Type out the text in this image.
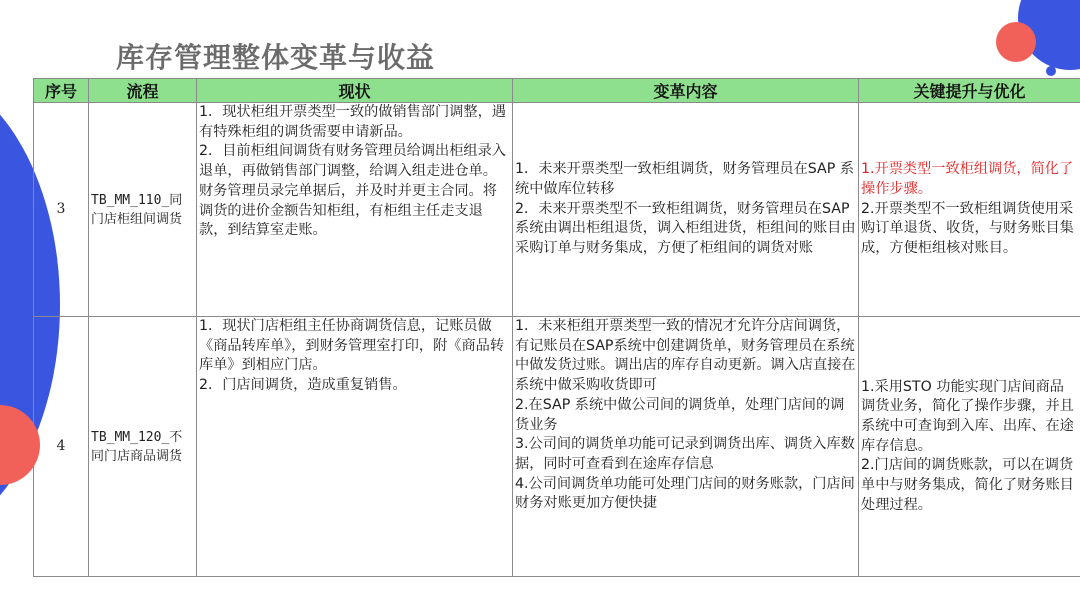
库存管理整体变革与收益
序号	流程	现状	变革内容	关键提升与优化
3	TB_MM_110_同门店柜组间调货	1．现状柜组开票类型一致的做销售部门调整，遇有特殊柜组的调货需要申请新品。
2．目前柜组间调货有财务管理员给调出柜组录入退单，再做销售部门调整，给调入组走进仓单。财务管理员录完单据后，并及时并更主合同。将调货的进价金额告知柜组，有柜组主任走支退款，到结算室走账。	1．未来开票类型一致柜组调货，财务管理员在SAP 系统中做库位转移
2．未来开票类型不一致柜组调货，财务管理员在SAP 系统由调出柜组退货，调入柜组进货，柜组间的账目由采购订单与财务集成，方便了柜组间的调货对账	1.开票类型一致柜组调货，简化了操作步骤。
2.开票类型不一致柜组调货使用采购订单退货、收货，与财务账目集成，方便柜组核对账目。

4	TB_MM_120_不同门店商品调货	1．现状门店柜组主任协商调货信息，记账员做《商品转库单》，到财务管理室打印，附《商品转库单》到相应门店。
2．门店间调货，造成重复销售。	1．未来柜组开票类型一致的情况才允许分店间调货，有记账员在SAP系统中创建调货单，财务管理员在系统中做发货过账。调出店的库存自动更新。调入店直接在系统中做采购收货即可
2.在SAP 系统中做公司间的调货单，处理门店间的调货业务
3.公司间的调货单功能可记录到调货出库、调货入库数据，同时可查看到在途库存信息
4.公司间调货单功能可处理门店间的财务账款，门店间财务对账更加方便快捷	1.采用STO 功能实现门店间商品调货业务，简化了操作步骤，并且系统中可查询到入库、出库、在途库存信息。
2.门店间的调货账款，可以在调货单中与财务集成，简化了财务账目处理过程。
